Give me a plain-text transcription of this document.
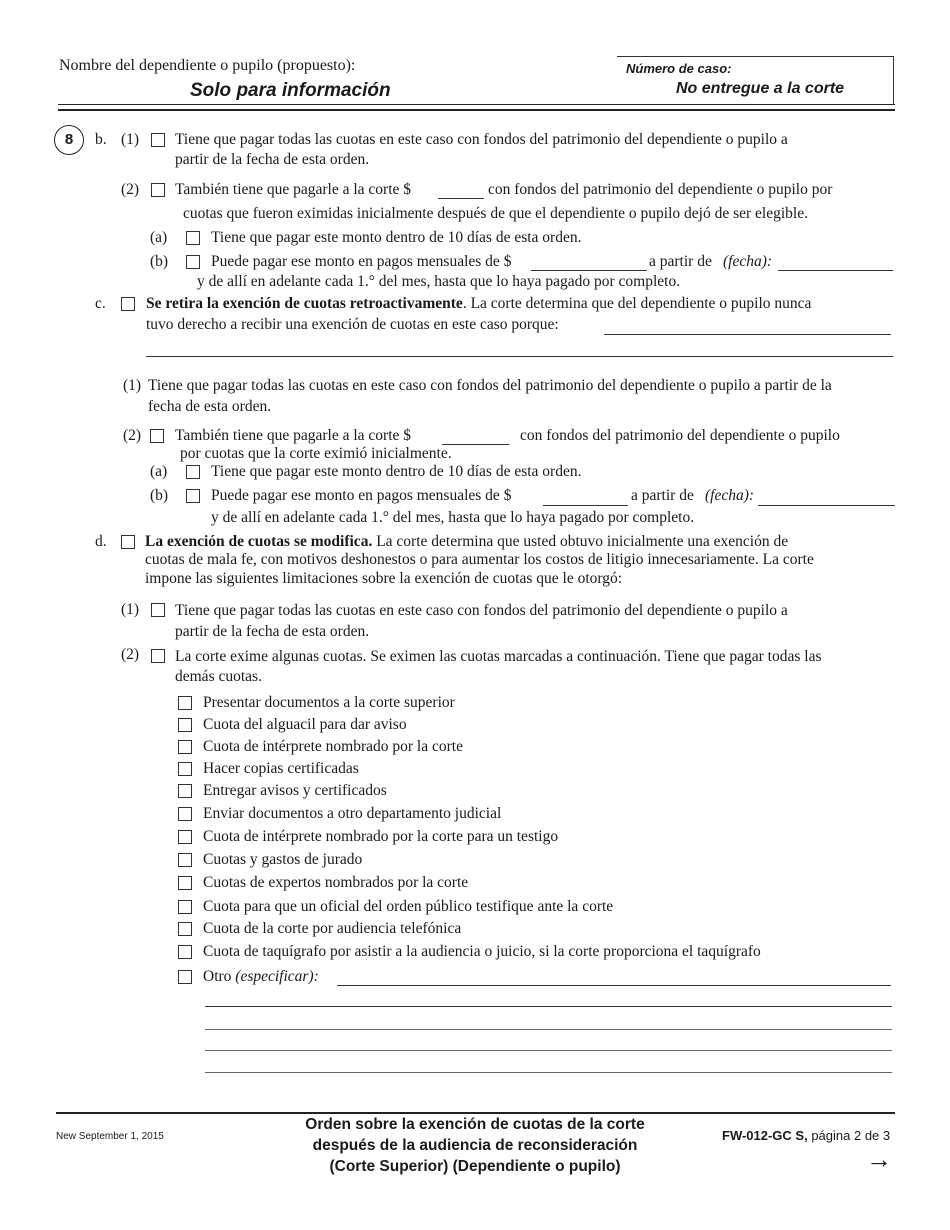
Nombre del dependiente o pupilo (propuesto):
Solo para información
Número de caso:
No entregue a la corte
8	b. (1) Tiene que pagar todas las cuotas en este caso con fondos del patrimonio del dependiente o pupilo a
partir de la fecha de esta orden.
(2) También tiene que pagarle a la corte $	con fondos del patrimonio del dependiente o pupilo por
cuotas que fueron eximidas inicialmente después de que el dependiente o pupilo dejó de ser elegible.
(a)	Tiene que pagar este monto dentro de 10 días de esta orden.
(b)	Puede pagar ese monto en pagos mensuales de $	a partir de (fecha):
y de allí en adelante cada 1.° del mes, hasta que lo haya pagado por completo.
c.	Se retira la exención de cuotas retroactivamente. La corte determina que del dependiente o pupilo nunca
tuvo derecho a recibir una exención de cuotas en este caso porque:
(1) Tiene que pagar todas las cuotas en este caso con fondos del patrimonio del dependiente o pupilo a partir de la
fecha de esta orden.
(2) También tiene que pagarle a la corte $	con fondos del patrimonio del dependiente o pupilo
por cuotas que la corte eximió inicialmente.
(a)	Tiene que pagar este monto dentro de 10 días de esta orden.
(b)	Puede pagar ese monto en pagos mensuales de $	a partir de (fecha):
y de allí en adelante cada 1.° del mes, hasta que lo haya pagado por completo.
d. La exención de cuotas se modifica. La corte determina que usted obtuvo inicialmente una exención de
cuotas de mala fe, con motivos deshonestos o para aumentar los costos de litigio innecesariamente. La corte
impone las siguientes limitaciones sobre la exención de cuotas que le otorgó:
(1) Tiene que pagar todas las cuotas en este caso con fondos del patrimonio del dependiente o pupilo a
partir de la fecha de esta orden.
(2) La corte exime algunas cuotas. Se eximen las cuotas marcadas a continuación. Tiene que pagar todas las
demás cuotas.
Presentar documentos a la corte superior
Cuota del alguacil para dar aviso
Cuota de intérprete nombrado por la corte
Hacer copias certificadas
Entregar avisos y certificados
Enviar documentos a otro departamento judicial
Cuota de intérprete nombrado por la corte para un testigo
Cuotas y gastos de jurado
Cuotas de expertos nombrados por la corte
Cuota para que un oficial del orden público testifique ante la corte
Cuota de la corte por audiencia telefónica
Cuota de taquígrafo por asistir a la audiencia o juicio, si la corte proporciona el taquígrafo
Otro (especificar):
New September 1, 2015
Orden sobre la exención de cuotas de la corte
después de la audiencia de reconsideración
(Corte Superior) (Dependiente o pupilo)
FW-012-GC S, página 2 de 3
→
